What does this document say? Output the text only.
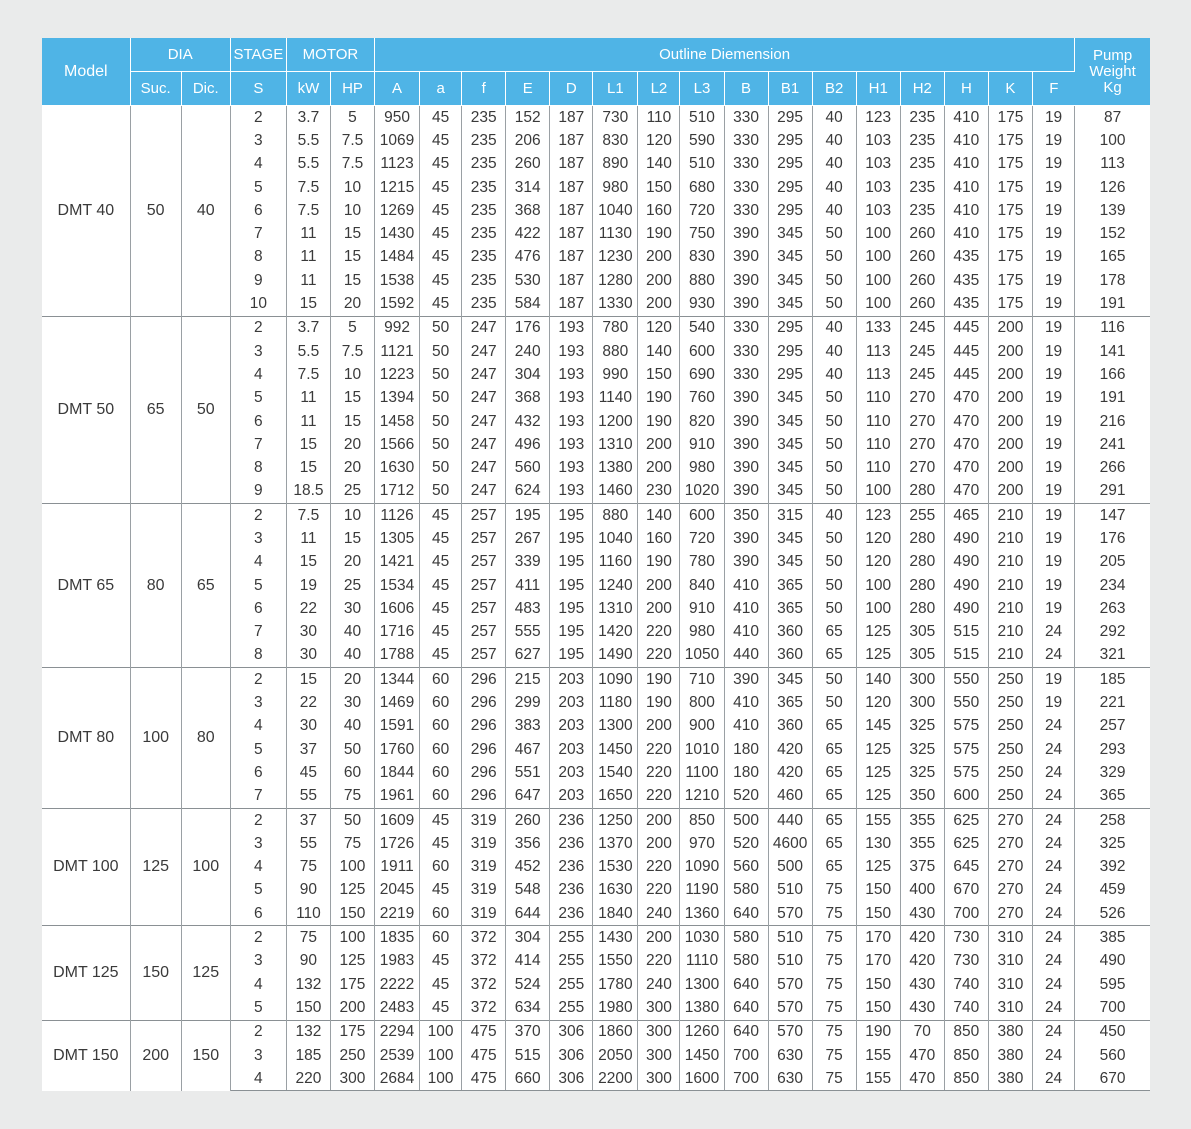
Model	DIA		STAGE	MOTOR		Outline Diemension																Pump
Weight
Kg

	Suc.	Dic.	S	kW	HP	A	a	f	E	D	L1	L2	L3	B	B1	B2	H1	H2	H	K	F	
DMT 40	50	40	2	3.7	5	950	45	235	152	187	730	110	510	330	295	40	123	235	410	175	19	87
			3	5.5	7.5	1069	45	235	206	187	830	120	590	330	295	40	103	235	410	175	19	100
			4	5.5	7.5	1123	45	235	260	187	890	140	510	330	295	40	103	235	410	175	19	113
			5	7.5	10	1215	45	235	314	187	980	150	680	330	295	40	103	235	410	175	19	126
			6	7.5	10	1269	45	235	368	187	1040	160	720	330	295	40	103	235	410	175	19	139
			7	11	15	1430	45	235	422	187	1130	190	750	390	345	50	100	260	410	175	19	152
			8	11	15	1484	45	235	476	187	1230	200	830	390	345	50	100	260	435	175	19	165
			9	11	15	1538	45	235	530	187	1280	200	880	390	345	50	100	260	435	175	19	178
			10	15	20	1592	45	235	584	187	1330	200	930	390	345	50	100	260	435	175	19	191
DMT 50	65	50	2	3.7	5	992	50	247	176	193	780	120	540	330	295	40	133	245	445	200	19	116
			3	5.5	7.5	1121	50	247	240	193	880	140	600	330	295	40	113	245	445	200	19	141
			4	7.5	10	1223	50	247	304	193	990	150	690	330	295	40	113	245	445	200	19	166
			5	11	15	1394	50	247	368	193	1140	190	760	390	345	50	110	270	470	200	19	191
			6	11	15	1458	50	247	432	193	1200	190	820	390	345	50	110	270	470	200	19	216
			7	15	20	1566	50	247	496	193	1310	200	910	390	345	50	110	270	470	200	19	241
			8	15	20	1630	50	247	560	193	1380	200	980	390	345	50	110	270	470	200	19	266
			9	18.5	25	1712	50	247	624	193	1460	230	1020	390	345	50	100	280	470	200	19	291
DMT 65	80	65	2	7.5	10	1126	45	257	195	195	880	140	600	350	315	40	123	255	465	210	19	147
			3	11	15	1305	45	257	267	195	1040	160	720	390	345	50	120	280	490	210	19	176
			4	15	20	1421	45	257	339	195	1160	190	780	390	345	50	120	280	490	210	19	205
			5	19	25	1534	45	257	411	195	1240	200	840	410	365	50	100	280	490	210	19	234
			6	22	30	1606	45	257	483	195	1310	200	910	410	365	50	100	280	490	210	19	263
			7	30	40	1716	45	257	555	195	1420	220	980	410	360	65	125	305	515	210	24	292
			8	30	40	1788	45	257	627	195	1490	220	1050	440	360	65	125	305	515	210	24	321
DMT 80	100	80	2	15	20	1344	60	296	215	203	1090	190	710	390	345	50	140	300	550	250	19	185
			3	22	30	1469	60	296	299	203	1180	190	800	410	365	50	120	300	550	250	19	221
			4	30	40	1591	60	296	383	203	1300	200	900	410	360	65	145	325	575	250	24	257
			5	37	50	1760	60	296	467	203	1450	220	1010	180	420	65	125	325	575	250	24	293
			6	45	60	1844	60	296	551	203	1540	220	1100	180	420	65	125	325	575	250	24	329
			7	55	75	1961	60	296	647	203	1650	220	1210	520	460	65	125	350	600	250	24	365
DMT 100	125	100	2	37	50	1609	45	319	260	236	1250	200	850	500	440	65	155	355	625	270	24	258
			3	55	75	1726	45	319	356	236	1370	200	970	520	4600	65	130	355	625	270	24	325
			4	75	100	1911	60	319	452	236	1530	220	1090	560	500	65	125	375	645	270	24	392
			5	90	125	2045	45	319	548	236	1630	220	1190	580	510	75	150	400	670	270	24	459
			6	110	150	2219	60	319	644	236	1840	240	1360	640	570	75	150	430	700	270	24	526
DMT 125	150	125	2	75	100	1835	60	372	304	255	1430	200	1030	580	510	75	170	420	730	310	24	385
			3	90	125	1983	45	372	414	255	1550	220	1110	580	510	75	170	420	730	310	24	490
			4	132	175	2222	45	372	524	255	1780	240	1300	640	570	75	150	430	740	310	24	595
			5	150	200	2483	45	372	634	255	1980	300	1380	640	570	75	150	430	740	310	24	700
DMT 150	200	150	2	132	175	2294	100	475	370	306	1860	300	1260	640	570	75	190	70	850	380	24	450
			3	185	250	2539	100	475	515	306	2050	300	1450	700	630	75	155	470	850	380	24	560
			4	220	300	2684	100	475	660	306	2200	300	1600	700	630	75	155	470	850	380	24	670
